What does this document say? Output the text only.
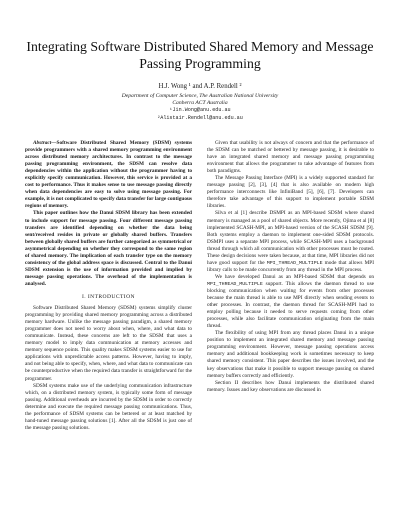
Integrating Software Distributed Shared Memory and Message Passing Programming
H.J. Wong ¹ and A.P. Rendell ²
Department of Computer Science, The Australian National University
Canberra ACT Australia
¹Jin.Wong@anu.edu.au
²Alistair.Rendell@anu.edu.au

Abstract—Software Distributed Shared Memory (SDSM) systems provide programmers with a shared memory programming environment across distributed memory architectures. In contrast to the message passing programming environment, the SDSM can resolve data dependencies within the application without the programmer having to explicitly specify communication. However, this service is provided at a cost to performance. Thus it makes sense to use message passing directly when data dependencies are easy to solve using message passing. For example, it is not complicated to specify data transfer for large contiguous regions of memory.

This paper outlines how the Danui SDSM library has been extended to include support for message passing. Four different message passing transfers are identified depending on whether the data being sent/received resides in private or globally shared buffers. Transfers between globally shared buffers are further categorized as symmetrical or asymmetrical depending on whether they correspond to the same region of shared memory. The implication of each transfer type on the memory consistency of the global address space is discussed. Central to the Danui SDSM extension is the use of information provided and implied by message passing operations. The overhead of the implementation is analysed.

I. INTRODUCTION

Software Distributed Shared Memory (SDSM) systems simplify cluster programming by providing shared memory programming across a distributed memory hardware. Unlike the message passing paradigm, a shared memory programmer does not need to worry about when, where, and what data to communicate. Instead, these concerns are left to the SDSM that uses a memory model to imply data communication at memory accesses and memory sequence points. This quality makes SDSM systems easier to use for applications with unpredictable access patterns. However, having to imply, and not being able to specify, when, where, and what data to communicate can be counterproductive when the required data transfer is straightforward for the programmer.

SDSM systems make use of the underlying communication infrastructure which, on a distributed memory system, is typically some form of message passing. Additional overheads are incurred by the SDSM in order to correctly determine and execute the required message passing communications. Thus, the performance of SDSM systems can be bettered or at least matched by hand-tuned message passing solutions [1]. After all the SDSM is just one of the message passing solutions.

Given that usability is not always of concern and that the performance of the SDSM can be matched or bettered by message passing, it is desirable to have an integrated shared memory and message passing programming environment that allows the programmer to take advantage of features from both paradigms.

The Message Passing Interface (MPI) is a widely supported standard for message passing [2], [3], [4] that is also available on modern high performance interconnects like InfiniBand [5], [6], [7]. Developers can therefore take advantage of this support to implement portable SDSM libraries.

Silva et al [1] describe DSMPI as an MPI-based SDSM where shared memory is managed as a pool of shared objects. More recently, Ojima et al [8] implemented SCASH-MPI, an MPI-based version of the SCASH SDSM [9]. Both systems employ a daemon to implement one-sided SDSM protocols. DSMPI uses a separate MPI process, while SCASH-MPI uses a background thread through which all communication with other processes must be routed. These design decisions were taken because, at that time, MPI libraries did not have good support for the MPI_THREAD_MULTIPLE mode that allows MPI library calls to be made concurrently from any thread in the MPI process.

We have developed Danui as an MPI-based SDSM that depends on MPI_THREAD_MULTIPLE support. This allows the daemon thread to use blocking communication when waiting for events from other processes because the main thread is able to use MPI directly when sending events to other processes. In contrast, the daemon thread for SCASH-MPI had to employ polling because it needed to serve requests coming from other processes, while also facilitate communication originating from the main thread.

The flexibility of using MPI from any thread places Danui in a unique position to implement an integrated shared memory and message passing programming environment. However, message passing operations access memory and additional bookkeeping work is sometimes necessary to keep shared memory consistent. This paper describes the issues involved, and the key observations that make it possible to support message passing on shared memory buffers correctly and efficiently.

Section II describes how Danui implements the distributed shared memory. Issues and key observations are discussed in
